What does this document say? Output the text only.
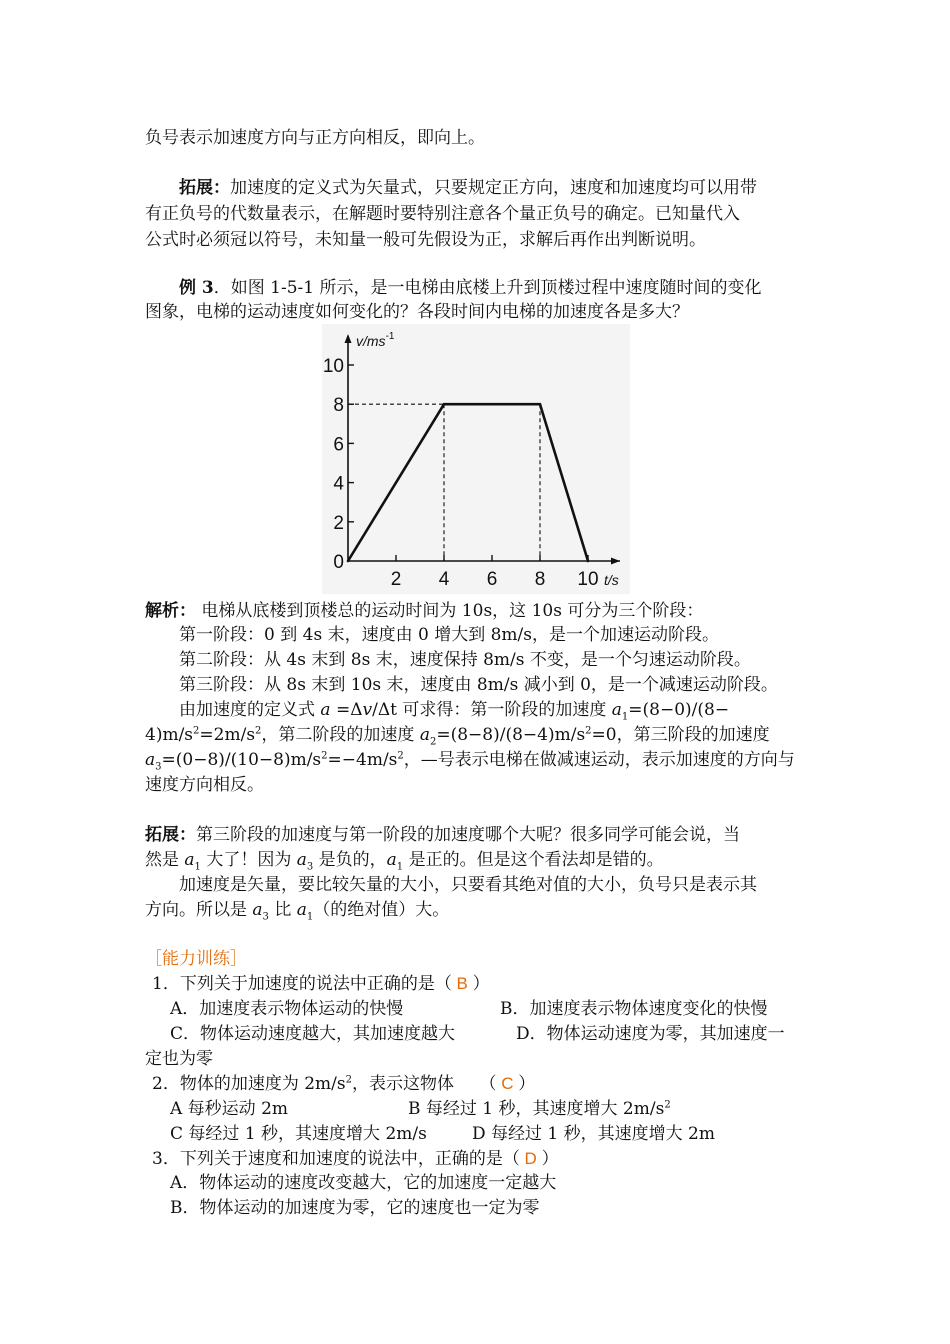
负号表示加速度方向与正方向相反，即向上。
拓展：加速度的定义式为矢量式，只要规定正方向，速度和加速度均可以用带
有正负号的代数量表示，在解题时要特别注意各个量正负号的确定。已知量代入
公式时必须冠以符号，未知量一般可先假设为正，求解后再作出判断说明。
例 3．如图 1-5-1 所示，是一电梯由底楼上升到顶楼过程中速度随时间的变化
图象，电梯的运动速度如何变化的？各段时间内电梯的加速度各是多大？
2 4 6 8 10
2
4
6
8
10
0
t/s
$v/ms^{-1}$
解析： 电梯从底楼到顶楼总的运动时间为 10s，这 10s 可分为三个阶段：
第一阶段：0 到 4s 末，速度由 0 增大到 8m/s，是一个加速运动阶段。
第二阶段：从 4s 末到 8s 末，速度保持 8m/s 不变，是一个匀速运动阶段。
第三阶段：从 8s 末到 10s 末，速度由 8m/s 减小到 0，是一个减速运动阶段。
由加速度的定义式 a =Δv/Δt 可求得：第一阶段的加速度 $a_1=(8-0)/(8-$
$4)m/s^2=2m/s^2$，第二阶段的加速度 $a_2=(8-8)/(8-4)m/s^2=0$，第三阶段的加速度
$a_3=(0-8)/(10-8)m/s^2=-4m/s^2$，—号表示电梯在做减速运动，表示加速度的方向与
速度方向相反。
拓展：第三阶段的加速度与第一阶段的加速度哪个大呢？很多同学可能会说，当
然是 $a_1$ 大了！因为 $a_3$ 是负的，$a_1$ 是正的。但是这个看法却是错的。
加速度是矢量，要比较矢量的大小，只要看其绝对值的大小，负号只是表示其
方向。所以是 $a_3$ 比 $a_1$（的绝对值）大。
［能力训练］
1．下列关于加速度的说法中正确的是（ B ）
A．加速度表示物体运动的快慢	B．加速度表示物体速度变化的快慢
C．物体运动速度越大，其加速度越大	D．物体运动速度为零，其加速度一
定也为零
2．物体的加速度为 $2m/s^2$，表示这物体　　（ C ）
A 每秒运动 2m	B 每经过 1 秒，其速度增大 $2m/s^2$
C 每经过 1 秒，其速度增大 2m/s	D 每经过 1 秒，其速度增大 2m
3．下列关于速度和加速度的说法中，正确的是（ D ）
A．物体运动的速度改变越大，它的加速度一定越大
B．物体运动的加速度为零，它的速度也一定为零
